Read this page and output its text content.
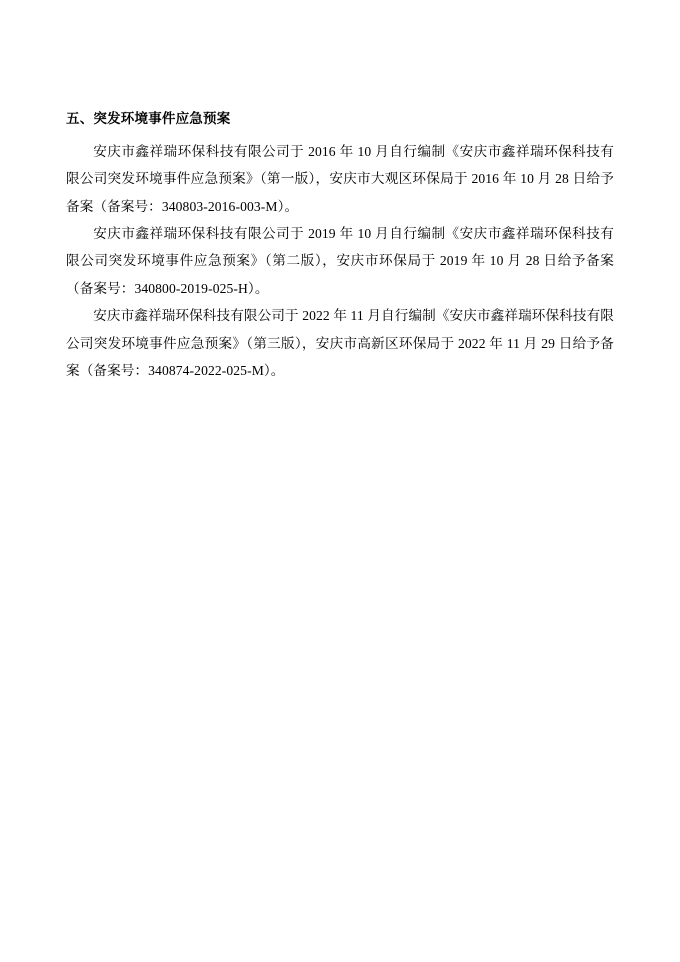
五、突发环境事件应急预案

安庆市鑫祥瑞环保科技有限公司于 2016 年 10 月自行编制《安庆市鑫祥瑞环保科技有限公司突发环境事件应急预案》（第一版），安庆市大观区环保局于 2016 年 10 月 28 日给予备案（备案号：340803-2016-003-M）。

安庆市鑫祥瑞环保科技有限公司于 2019 年 10 月自行编制《安庆市鑫祥瑞环保科技有限公司突发环境事件应急预案》（第二版），安庆市环保局于 2019 年 10 月 28 日给予备案（备案号：340800-2019-025-H）。

安庆市鑫祥瑞环保科技有限公司于 2022 年 11 月自行编制《安庆市鑫祥瑞环保科技有限公司突发环境事件应急预案》（第三版），安庆市高新区环保局于 2022 年 11 月 29 日给予备案（备案号：340874-2022-025-M）。
